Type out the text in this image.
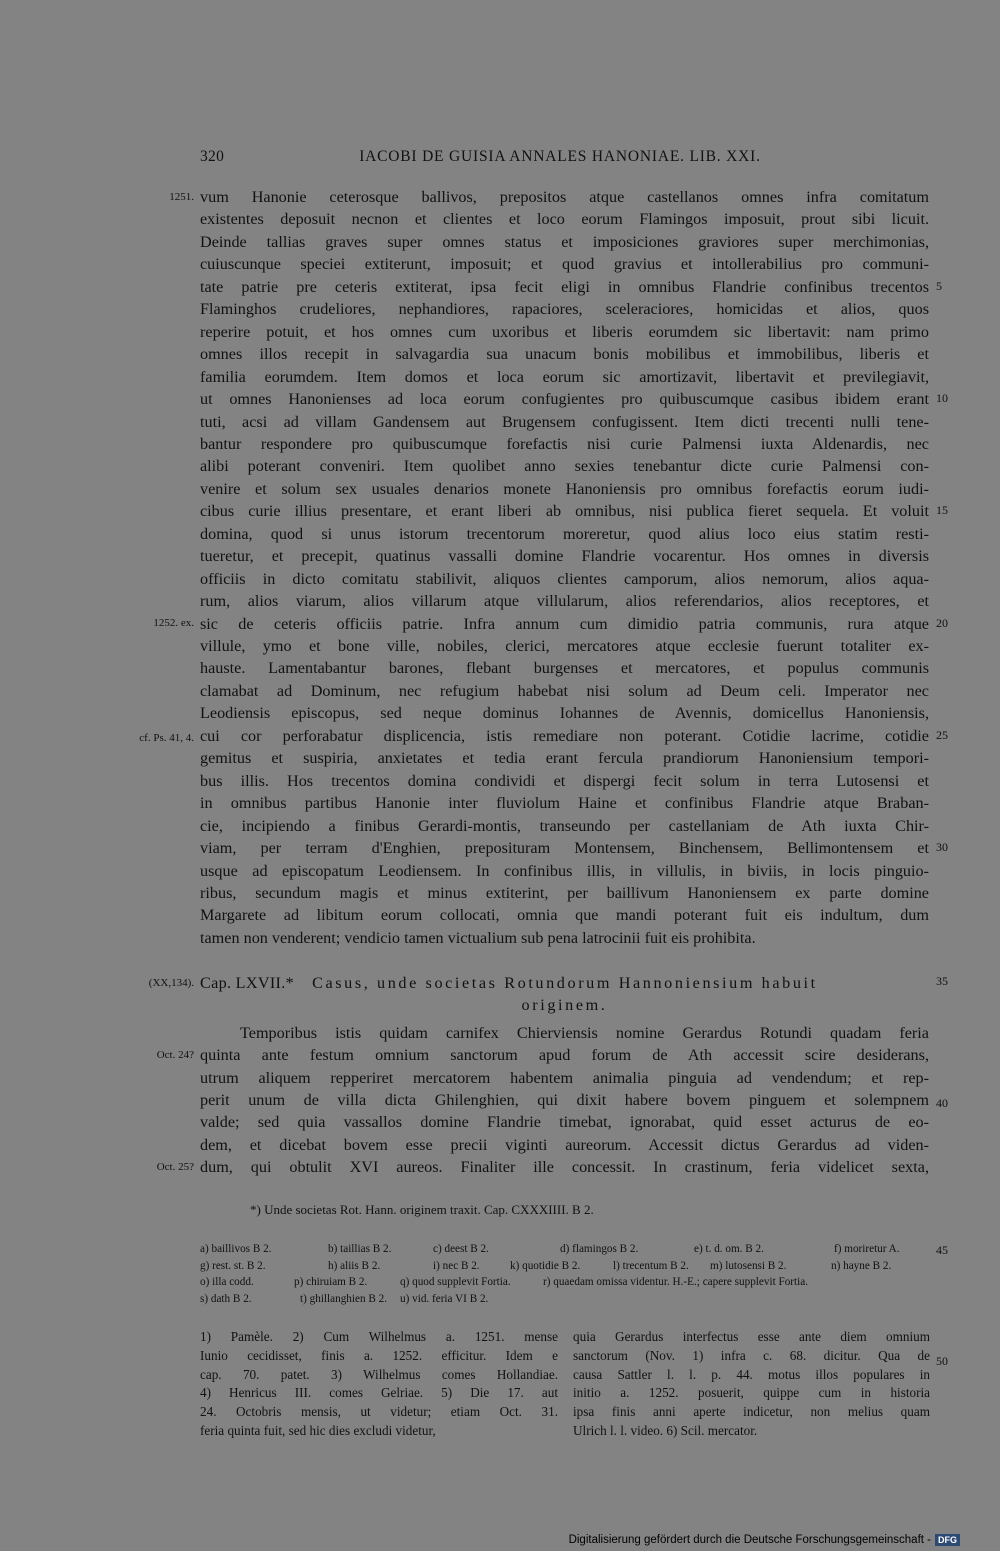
320	IACOBI DE GUISIA ANNALES HANONIAE. LIB. XXI.
vum Hanonie ceterosque ballivos, prepositos atque castellanos omnes infra comitatum
existentes deposuit necnon et clientes et loco eorum Flamingos imposuit, prout sibi licuit.
Deinde tallias graves super omnes status et imposiciones graviores super merchimonias,
cuiuscunque speciei extiterunt, imposuit; et quod gravius et intollerabilius pro communi-
tate patrie pre ceteris extiterat, ipsa fecit eligi in omnibus Flandrie confinibus trecentos
Flaminghos crudeliores, nephandiores, rapaciores, sceleraciores, homicidas et alios, quos
reperire potuit, et hos omnes cum uxoribus et liberis eorumdem sic libertavit: nam primo
omnes illos recepit in salvagardia sua unacum bonis mobilibus et immobilibus, liberis et
familia eorumdem. Item domos et loca eorum sic amortizavit, libertavit et previlegiavit,
ut omnes Hanonienses ad loca eorum confugientes pro quibuscumque casibus ibidem erant
tuti, acsi ad villam Gandensem aut Brugensem confugissent. Item dicti trecenti nulli tene-
bantur respondere pro quibuscumque forefactis nisi curie Palmensi iuxta Aldenardis, nec
alibi poterant conveniri. Item quolibet anno sexies tenebantur dicte curie Palmensi con-
venire et solum sex usuales denarios monete Hanoniensis pro omnibus forefactis eorum iudi-
cibus curie illius presentare, et erant liberi ab omnibus, nisi publica fieret sequela. Et voluit
domina, quod si unus istorum trecentorum moreretur, quod alius loco eius statim resti-
tueretur, et precepit, quatinus vassalli domine Flandrie vocarentur. Hos omnes in diversis
officiis in dicto comitatu stabilivit, aliquos clientes camporum, alios nemorum, alios aqua-
rum, alios viarum, alios villarum atque villularum, alios referendarios, alios receptores, et
sic de ceteris officiis patrie. Infra annum cum dimidio patria communis, rura atque
villule, ymo et bone ville, nobiles, clerici, mercatores atque ecclesie fuerunt totaliter ex-
hauste. Lamentabantur barones, flebant burgenses et mercatores, et populus communis
clamabat ad Dominum, nec refugium habebat nisi solum ad Deum celi. Imperator nec
Leodiensis episcopus, sed neque dominus Iohannes de Avennis, domicellus Hanoniensis,
cui cor perforabatur displicencia, istis remediare non poterant. Cotidie lacrime, cotidie
gemitus et suspiria, anxietates et tedia erant fercula prandiorum Hanoniensium tempori-
bus illis. Hos trecentos domina condividi et dispergi fecit solum in terra Lutosensi et
in omnibus partibus Hanonie inter fluviolum Haine et confinibus Flandrie atque Braban-
cie, incipiendo a finibus Gerardi-montis, transeundo per castellaniam de Ath iuxta Chir-
viam, per terram d'Enghien, preposituram Montensem, Binchensem, Bellimontensem et
usque ad episcopatum Leodiensem. In confinibus illis, in villulis, in biviis, in locis pinguio-
ribus, secundum magis et minus extiterint, per baillivum Hanoniensem ex parte domine
Margarete ad libitum eorum collocati, omnia que mandi poterant fuit eis indultum, dum
tamen non venderent; vendicio tamen victualium sub pena latrocinii fuit eis prohibita.
5
10
15
20
25
30
35
40
45
50
1251.
1252. ex.
cf. Ps. 41, 4.
(XX,134).
Oct. 24?
Oct. 25?
Cap. LXVII.* Casus, unde societas Rotundorum Hannoniensium habuit
originem.
Temporibus istis quidam carnifex Chierviensis nomine Gerardus Rotundi quadam feria
quinta ante festum omnium sanctorum apud forum de Ath accessit scire desiderans,
utrum aliquem repperiret mercatorem habentem animalia pinguia ad vendendum; et rep-
perit unum de villa dicta Ghilenghien, qui dixit habere bovem pinguem et solempnem
valde; sed quia vassallos domine Flandrie timebat, ignorabat, quid esset acturus de eo-
dem, et dicebat bovem esse precii viginti aureorum. Accessit dictus Gerardus ad viden-
dum, qui obtulit XVI aureos. Finaliter ille concessit. In crastinum, feria videlicet sexta,
*) Unde societas Rot. Hann. originem traxit. Cap. CXXXIIII. B 2.
a) baillivos B 2.	b) taillias B 2.	c) deest B 2.	d) flamingos B 2.	e) t. d. om. B 2.	f) moriretur A.
g) rest. st. B 2.	h) aliis B 2.	i) nec B 2.	k) quotidie B 2.	l) trecentum B 2. m) lutosensi B 2.	n) hayne B 2.
o) illa codd.	p) chiruiam B 2.	q) quod supplevit Fortia.	r) quaedam omissa videntur. H.-E.; capere supplevit Fortia.
s) dath B 2.	t) ghillanghien B 2. u) vid. feria VI B 2.
1) Pamèle. 2) Cum Wilhelmus a. 1251. mense
Iunio cecidisset, finis a. 1252. efficitur. Idem e
cap. 70. patet. 3) Wilhelmus comes Hollandiae.
4) Henricus III. comes Gelriae. 5) Die 17. aut
24. Octobris mensis, ut videtur; etiam Oct. 31.
feria quinta fuit, sed hic dies excludi videtur,
quia Gerardus interfectus esse ante diem omnium
sanctorum (Nov. 1) infra c. 68. dicitur. Qua de
causa Sattler l. l. p. 44. motus illos populares in
initio a. 1252. posuerit, quippe cum in historia
ipsa finis anni aperte indicetur, non melius quam
Ulrich l. l. video. 6) Scil. mercator.
Digitalisierung gefördert durch die Deutsche Forschungsgemeinschaft - DFG
